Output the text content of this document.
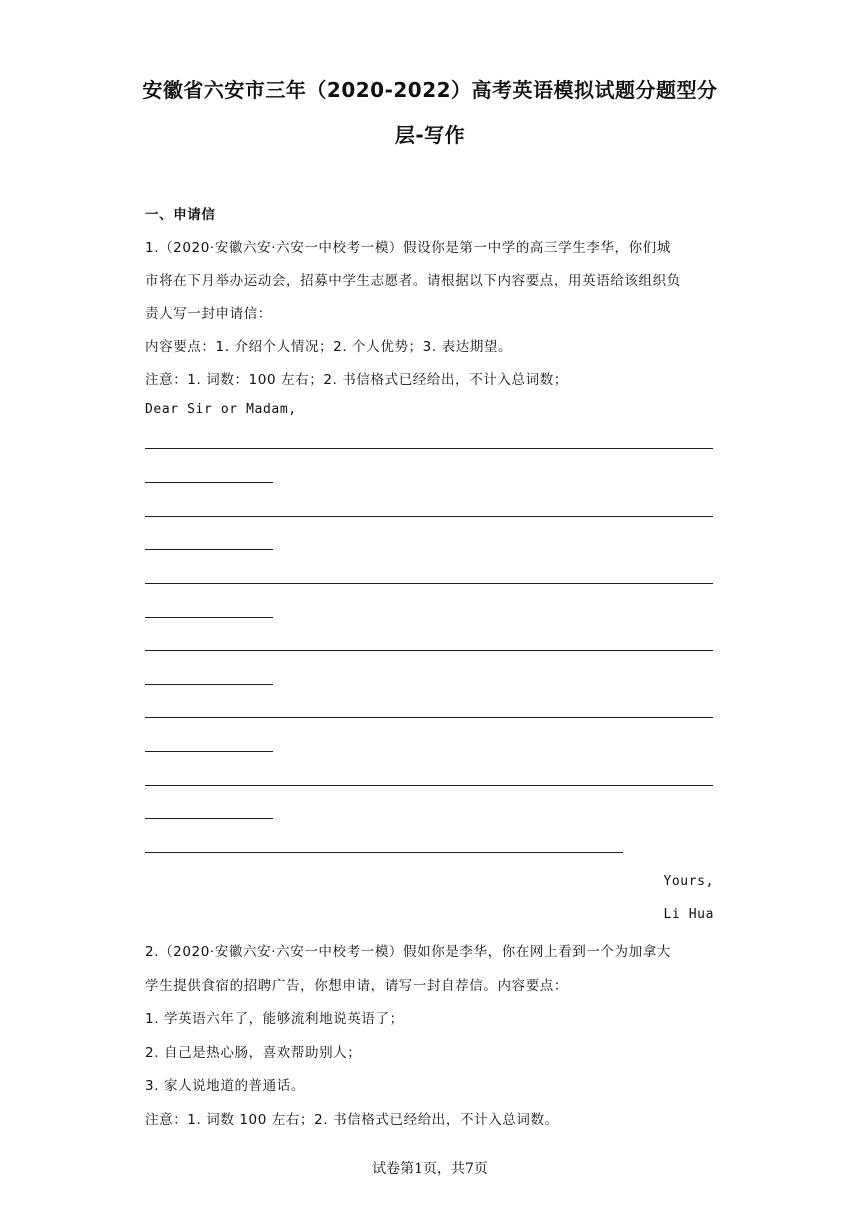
安徽省六安市三年（2020-2022）高考英语模拟试题分题型分
层-写作
一、申请信
1.（2020·安徽六安·六安一中校考一模）假设你是第一中学的高三学生李华，你们城
市将在下月举办运动会，招募中学生志愿者。请根据以下内容要点，用英语给该组织负
责人写一封申请信：
内容要点：1. 介绍个人情况；2. 个人优势；3. 表达期望。
注意：1. 词数：100 左右；2. 书信格式已经给出，不计入总词数；
Dear Sir or Madam,
Yours,
Li Hua
2.（2020·安徽六安·六安一中校考一模）假如你是李华，你在网上看到一个为加拿大
学生提供食宿的招聘广告，你想申请，请写一封自荐信。内容要点：
1. 学英语六年了，能够流利地说英语了；
2. 自己是热心肠，喜欢帮助别人；
3. 家人说地道的普通话。
注意：1. 词数 100 左右；2. 书信格式已经给出，不计入总词数。
试卷第1页，共7页
